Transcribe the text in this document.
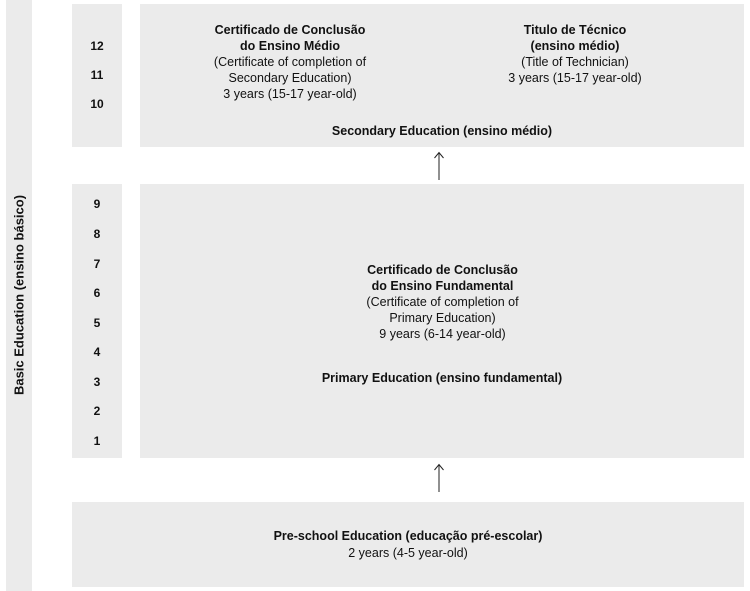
Basic Education (ensino básico)
12
11
10
Certificado de Conclusão
do Ensino Médio
(Certificate of completion of
Secondary Education)
3 years (15-17 year-old)
Titulo de Técnico
(ensino médio)
(Title of Technician)
3 years (15-17 year-old)
Secondary Education (ensino médio)
9
8
7
6
5
4
3
2
1
Certificado de Conclusão
do Ensino Fundamental
(Certificate of completion of
Primary Education)
9 years (6-14 year-old)
Primary Education (ensino fundamental)
Pre-school Education (educação pré-escolar)
2 years (4-5 year-old)
